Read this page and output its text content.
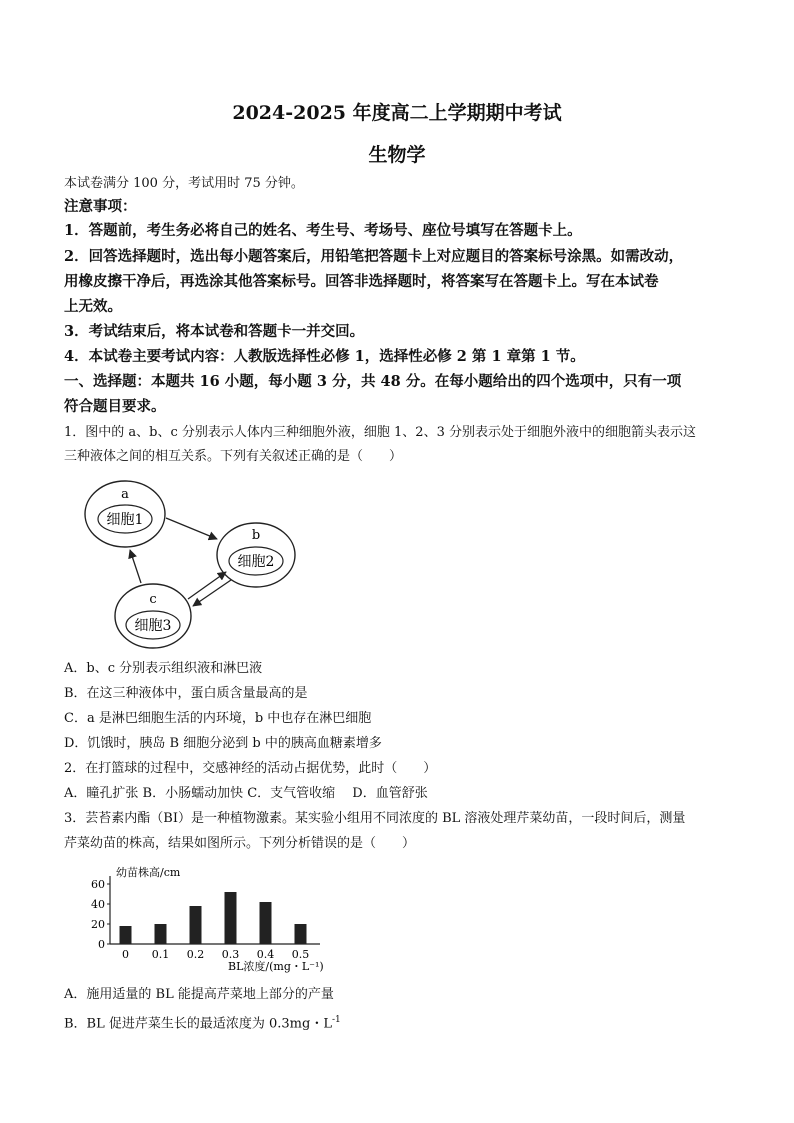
2024-2025 年度高二上学期期中考试
生物学
本试卷满分 100 分，考试用时 75 分钟。
注意事项：
1．答题前，考生务必将自己的姓名、考生号、考场号、座位号填写在答题卡上。
2．回答选择题时，选出每小题答案后，用铅笔把答题卡上对应题目的答案标号涂黑。如需改动，
用橡皮擦干净后，再选涂其他答案标号。回答非选择题时，将答案写在答题卡上。写在本试卷
上无效。
3．考试结束后，将本试卷和答题卡一并交回。
4．本试卷主要考试内容：人教版选择性必修 1，选择性必修 2 第 1 章第 1 节。
一、选择题：本题共 16 小题，每小题 3 分，共 48 分。在每小题给出的四个选项中，只有一项
符合题目要求。
1．图中的 a、b、c 分别表示人体内三种细胞外液，细胞 1、2、3 分别表示处于细胞外液中的细胞箭头表示这
三种液体之间的相互关系。下列有关叙述正确的是（　　）
a
细胞1
b
细胞2
c
细胞3
A．b、c 分别表示组织液和淋巴液
B．在这三种液体中，蛋白质含量最高的是
C．a 是淋巴细胞生活的内环境，b 中也存在淋巴细胞
D．饥饿时，胰岛 B 细胞分泌到 b 中的胰高血糖素增多
2．在打篮球的过程中，交感神经的活动占据优势，此时（　　）
A．瞳孔扩张 B．小肠蠕动加快 C．支气管收缩　 D．血管舒张
3．芸苔素内酯（BI）是一种植物激素。某实验小组用不同浓度的 BL 溶液处理芹菜幼苗，一段时间后，测量
芹菜幼苗的株高，结果如图所示。下列分析错误的是（　　）
幼苗株高/cm
0
20
40
60
0 0.1 0.2 0.3 0.4 0.5
BL浓度/(mg・L⁻¹)
A．施用适量的 BL 能提高芹菜地上部分的产量
B．BL 促进芹菜生长的最适浓度为 0.3mg・$L^{-1}$
